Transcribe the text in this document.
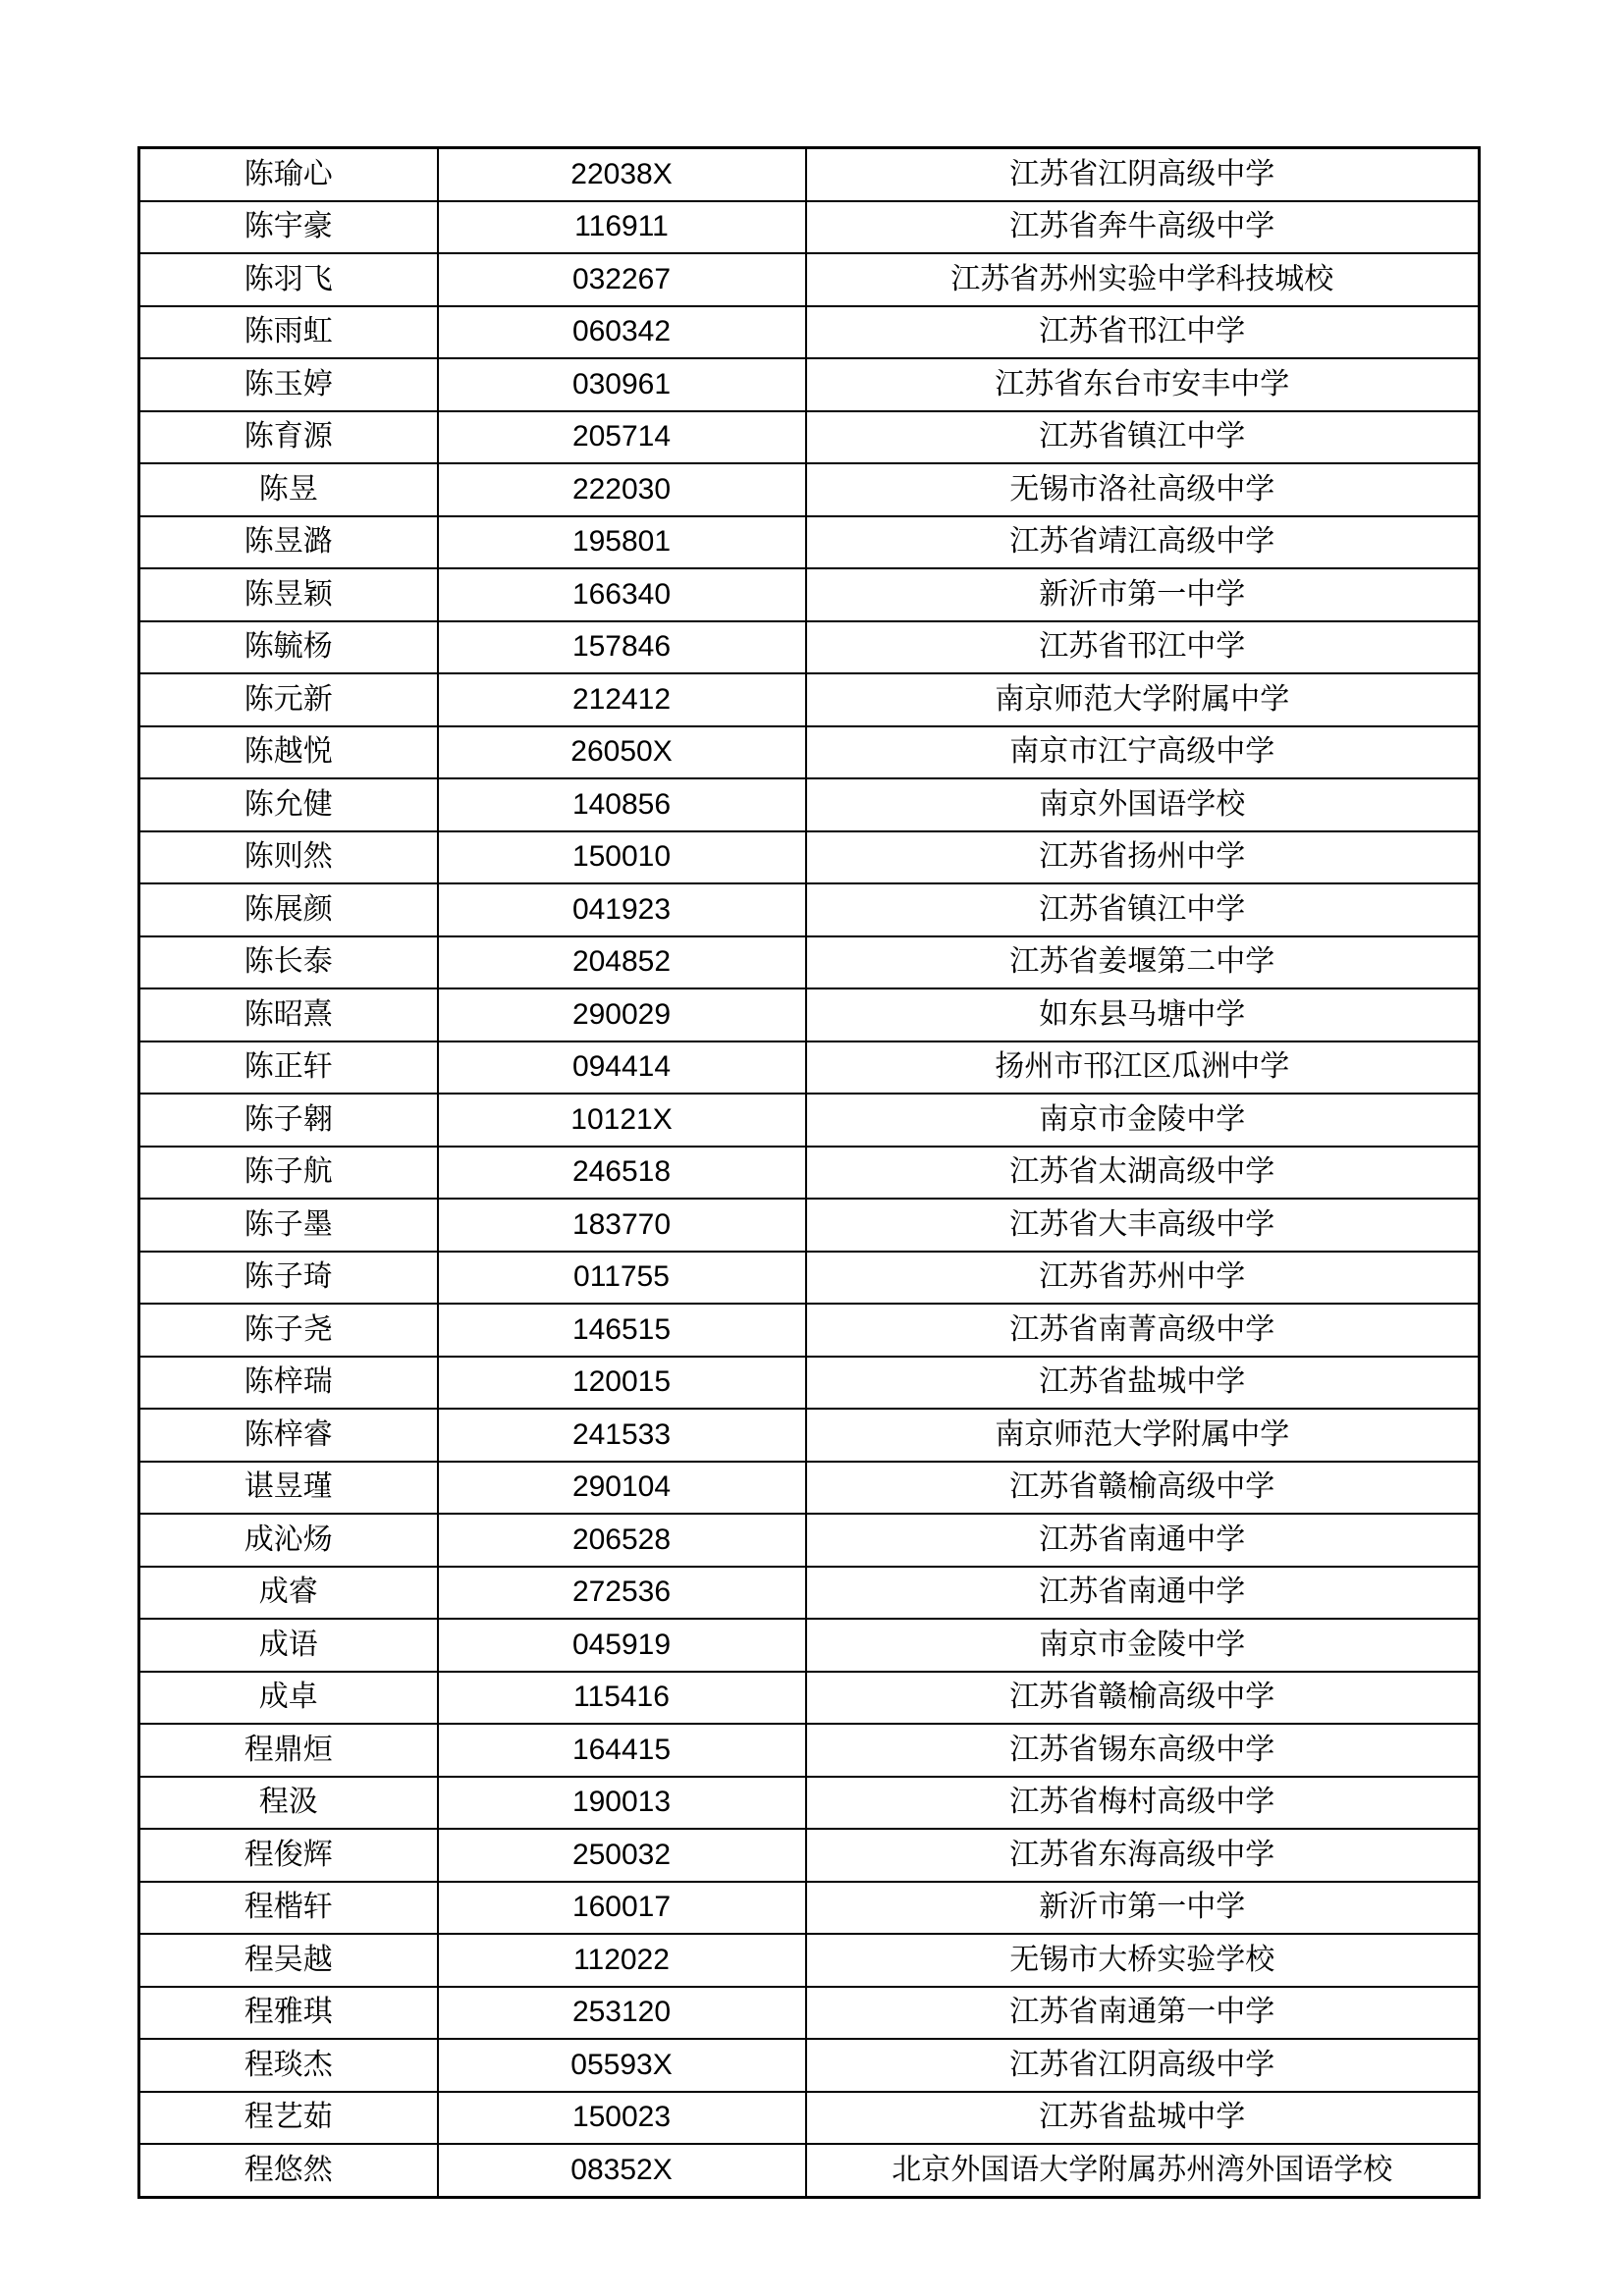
陈瑜心	22038X	江苏省江阴高级中学
陈宇豪	116911	江苏省奔牛高级中学
陈羽飞	032267	江苏省苏州实验中学科技城校
陈雨虹	060342	江苏省邗江中学
陈玉婷	030961	江苏省东台市安丰中学
陈育源	205714	江苏省镇江中学
陈昱	222030	无锡市洛社高级中学
陈昱潞	195801	江苏省靖江高级中学
陈昱颖	166340	新沂市第一中学
陈毓杨	157846	江苏省邗江中学
陈元新	212412	南京师范大学附属中学
陈越悦	26050X	南京市江宁高级中学
陈允健	140856	南京外国语学校
陈则然	150010	江苏省扬州中学
陈展颜	041923	江苏省镇江中学
陈长泰	204852	江苏省姜堰第二中学
陈昭熹	290029	如东县马塘中学
陈正轩	094414	扬州市邗江区瓜洲中学
陈子翱	10121X	南京市金陵中学
陈子航	246518	江苏省太湖高级中学
陈子墨	183770	江苏省大丰高级中学
陈子琦	011755	江苏省苏州中学
陈子尧	146515	江苏省南菁高级中学
陈梓瑞	120015	江苏省盐城中学
陈梓睿	241533	南京师范大学附属中学
谌昱瑾	290104	江苏省赣榆高级中学
成沁炀	206528	江苏省南通中学
成睿	272536	江苏省南通中学
成语	045919	南京市金陵中学
成卓	115416	江苏省赣榆高级中学
程鼎烜	164415	江苏省锡东高级中学
程汲	190013	江苏省梅村高级中学
程俊辉	250032	江苏省东海高级中学
程楷轩	160017	新沂市第一中学
程吴越	112022	无锡市大桥实验学校
程雅琪	253120	江苏省南通第一中学
程琰杰	05593X	江苏省江阴高级中学
程艺茹	150023	江苏省盐城中学
程悠然	08352X	北京外国语大学附属苏州湾外国语学校
